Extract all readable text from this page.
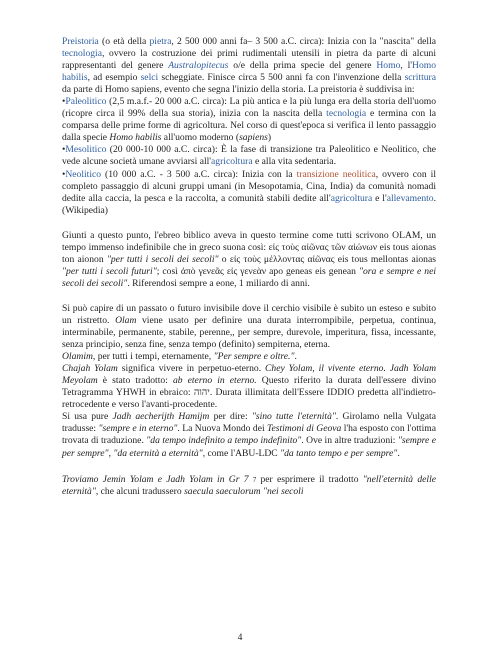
Preistoria (o età della pietra, 2 500 000 anni fa– 3 500 a.C. circa): Inizia con la "nascita" della tecnologia, ovvero la costruzione dei primi rudimentali utensili in pietra da parte di alcuni rappresentanti del genere Australopitecus o/e della prima specie del genere Homo, l'Homo habilis, ad esempio selci scheggiate. Finisce circa 5 500 anni fa con l'invenzione della scrittura da parte di Homo sapiens, evento che segna l'inizio della storia. La preistoria è suddivisa in:

•Paleolitico (2,5 m.a.f.- 20 000 a.C. circa): La più antica e la più lunga era della storia dell'uomo (ricopre circa il 99% della sua storia), inizia con la nascita della tecnologia e termina con la comparsa delle prime forme di agricoltura. Nel corso di quest'epoca si verifica il lento passaggio dalla specie Homo habilis all'uomo moderno (sapiens)

•Mesolitico (20 000-10 000 a.C. circa): È la fase di transizione tra Paleolitico e Neolitico, che vede alcune società umane avviarsi all'agricoltura e alla vita sedentaria.

•Neolitico (10 000 a.C. - 3 500 a.C. circa): Inizia con la transizione neolitica, ovvero con il completo passaggio di alcuni gruppi umani (in Mesopotamia, Cina, India) da comunità nomadi dedite alla caccia, la pesca e la raccolta, a comunità stabili dedite all'agricoltura e l'allevamento. (Wikipedia)

Giunti a questo punto, l'ebreo biblico aveva in questo termine come tutti scrivono OLAM, un tempo immenso indefinibile che in greco suona così: εἰς τοὺς αἰῶνας τῶν αἰώνων eis tous aionas ton aionon "per tutti i secoli dei secoli" o εἰς τοὺς μέλλοντας αἰῶνας eis tous mellontas aionas "per tutti i secoli futuri"; così ἀπὸ γενεᾶς εἰς γενεὰν apo geneas eis genean "ora e sempre e nei secoli dei secoli". Riferendosi sempre a eone, 1 miliardo di anni.

Si può capire di un passato o futuro invisibile dove il cerchio visibile è subito un esteso e subito un ristretto. Olam viene usato per definire una durata interrompibile, perpetua, continua, interminabile, permanente, stabile, perenne,, per sempre, durevole, imperitura, fissa, incessante, senza principio, senza fine, senza tempo (definito) sempiterna, eterna.

Olamim, per tutti i tempi, eternamente, "Per sempre e oltre.".

Chajah Yolam significa vivere in perpetuo-eterno. Chey Yolam, il vivente eterno. Jadh Yolam Meyolam è stato tradotto: ab eterno in eterno. Questo riferito la durata dell'essere divino Tetragramma YHWH in ebraico: יהוה. Durata illimitata dell'Essere IDDIO predetta all'indietro-retrocedente e verso l'avanti-procedente.

Si usa pure Jadh aecherijth Hamijm per dire: "sino tutte l'eternità". Girolamo nella Vulgata tradusse: "sempre e in eterno". La Nuova Mondo dei Testimoni di Geova l'ha esposto con l'ottima trovata di traduzione. "da tempo indefinito a tempo indefinito". Ove in altre traduzioni: "sempre e per sempre", "da eternità a eternità", come l'ABU-LDC "da tanto tempo e per sempre".

Troviamo Jemin Yolam e Jadh Yolam in Gr 7 7 per esprimere il tradotto "nell'eternità delle eternità", che alcuni tradussero saecula saeculorum "nei secoli

4
